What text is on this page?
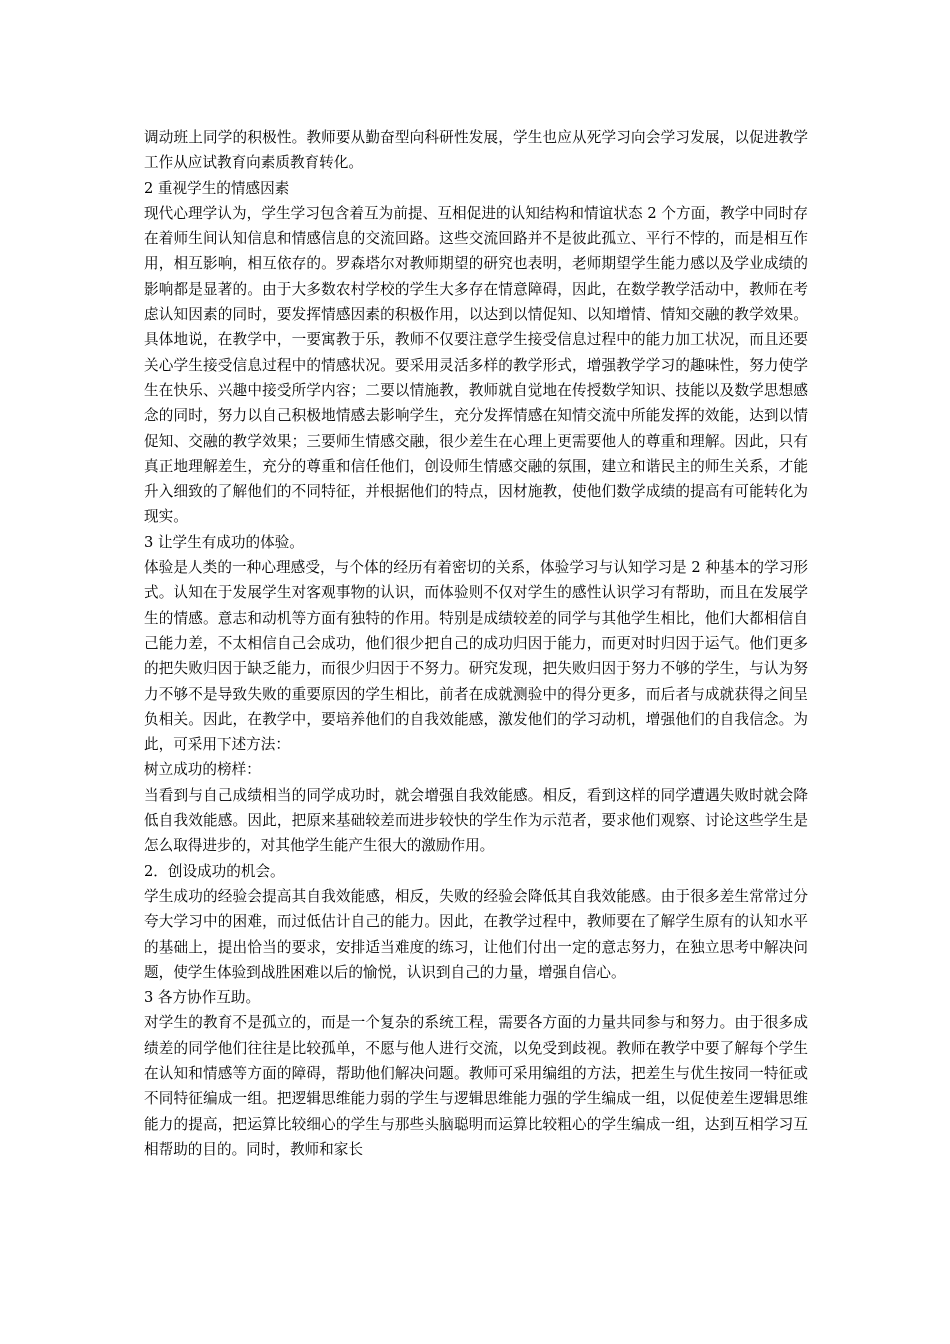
调动班上同学的积极性。教师要从勤奋型向科研性发展，学生也应从死学习向会学习发展，以促进教学工作从应试教育向素质教育转化。

2 重视学生的情感因素

现代心理学认为，学生学习包含着互为前提、互相促进的认知结构和情谊状态 2 个方面，教学中同时存在着师生间认知信息和情感信息的交流回路。这些交流回路并不是彼此孤立、平行不悖的，而是相互作用，相互影响，相互依存的。罗森塔尔对教师期望的研究也表明，老师期望学生能力感以及学业成绩的影响都是显著的。由于大多数农村学校的学生大多存在情意障碍，因此，在数学教学活动中，教师在考虑认知因素的同时，要发挥情感因素的积极作用，以达到以情促知、以知增情、情知交融的教学效果。具体地说，在教学中，一要寓教于乐，教师不仅要注意学生接受信息过程中的能力加工状况，而且还要关心学生接受信息过程中的情感状况。要采用灵活多样的教学形式，增强教学学习的趣味性，努力使学生在快乐、兴趣中接受所学内容；二要以情施教，教师就自觉地在传授数学知识、技能以及数学思想感念的同时，努力以自己积极地情感去影响学生，充分发挥情感在知情交流中所能发挥的效能，达到以情促知、交融的教学效果；三要师生情感交融，很少差生在心理上更需要他人的尊重和理解。因此，只有真正地理解差生，充分的尊重和信任他们，创设师生情感交融的氛围，建立和谐民主的师生关系，才能升入细致的了解他们的不同特征，并根据他们的特点，因材施教，使他们数学成绩的提高有可能转化为现实。

3 让学生有成功的体验。

体验是人类的一种心理感受，与个体的经历有着密切的关系，体验学习与认知学习是 2 种基本的学习形式。认知在于发展学生对客观事物的认识，而体验则不仅对学生的感性认识学习有帮助，而且在发展学生的情感。意志和动机等方面有独特的作用。特别是成绩较差的同学与其他学生相比，他们大都相信自己能力差，不太相信自己会成功，他们很少把自己的成功归因于能力，而更对时归因于运气。他们更多的把失败归因于缺乏能力，而很少归因于不努力。研究发现，把失败归因于努力不够的学生，与认为努力不够不是导致失败的重要原因的学生相比，前者在成就测验中的得分更多，而后者与成就获得之间呈负相关。因此，在教学中，要培养他们的自我效能感，激发他们的学习动机，增强他们的自我信念。为此，可采用下述方法：

树立成功的榜样：

当看到与自己成绩相当的同学成功时，就会增强自我效能感。相反，看到这样的同学遭遇失败时就会降低自我效能感。因此，把原来基础较差而进步较快的学生作为示范者，要求他们观察、讨论这些学生是怎么取得进步的，对其他学生能产生很大的激励作用。

2．创设成功的机会。

学生成功的经验会提高其自我效能感，相反，失败的经验会降低其自我效能感。由于很多差生常常过分夸大学习中的困难，而过低估计自己的能力。因此，在教学过程中，教师要在了解学生原有的认知水平的基础上，提出恰当的要求，安排适当难度的练习，让他们付出一定的意志努力，在独立思考中解决问题，使学生体验到战胜困难以后的愉悦，认识到自己的力量，增强自信心。

3 各方协作互助。

对学生的教育不是孤立的，而是一个复杂的系统工程，需要各方面的力量共同参与和努力。由于很多成绩差的同学他们往往是比较孤单，不愿与他人进行交流，以免受到歧视。教师在教学中要了解每个学生在认知和情感等方面的障碍，帮助他们解决问题。教师可采用编组的方法，把差生与优生按同一特征或不同特征编成一组。把逻辑思维能力弱的学生与逻辑思维能力强的学生编成一组，以促使差生逻辑思维能力的提高，把运算比较细心的学生与那些头脑聪明而运算比较粗心的学生编成一组，达到互相学习互相帮助的目的。同时，教师和家长
